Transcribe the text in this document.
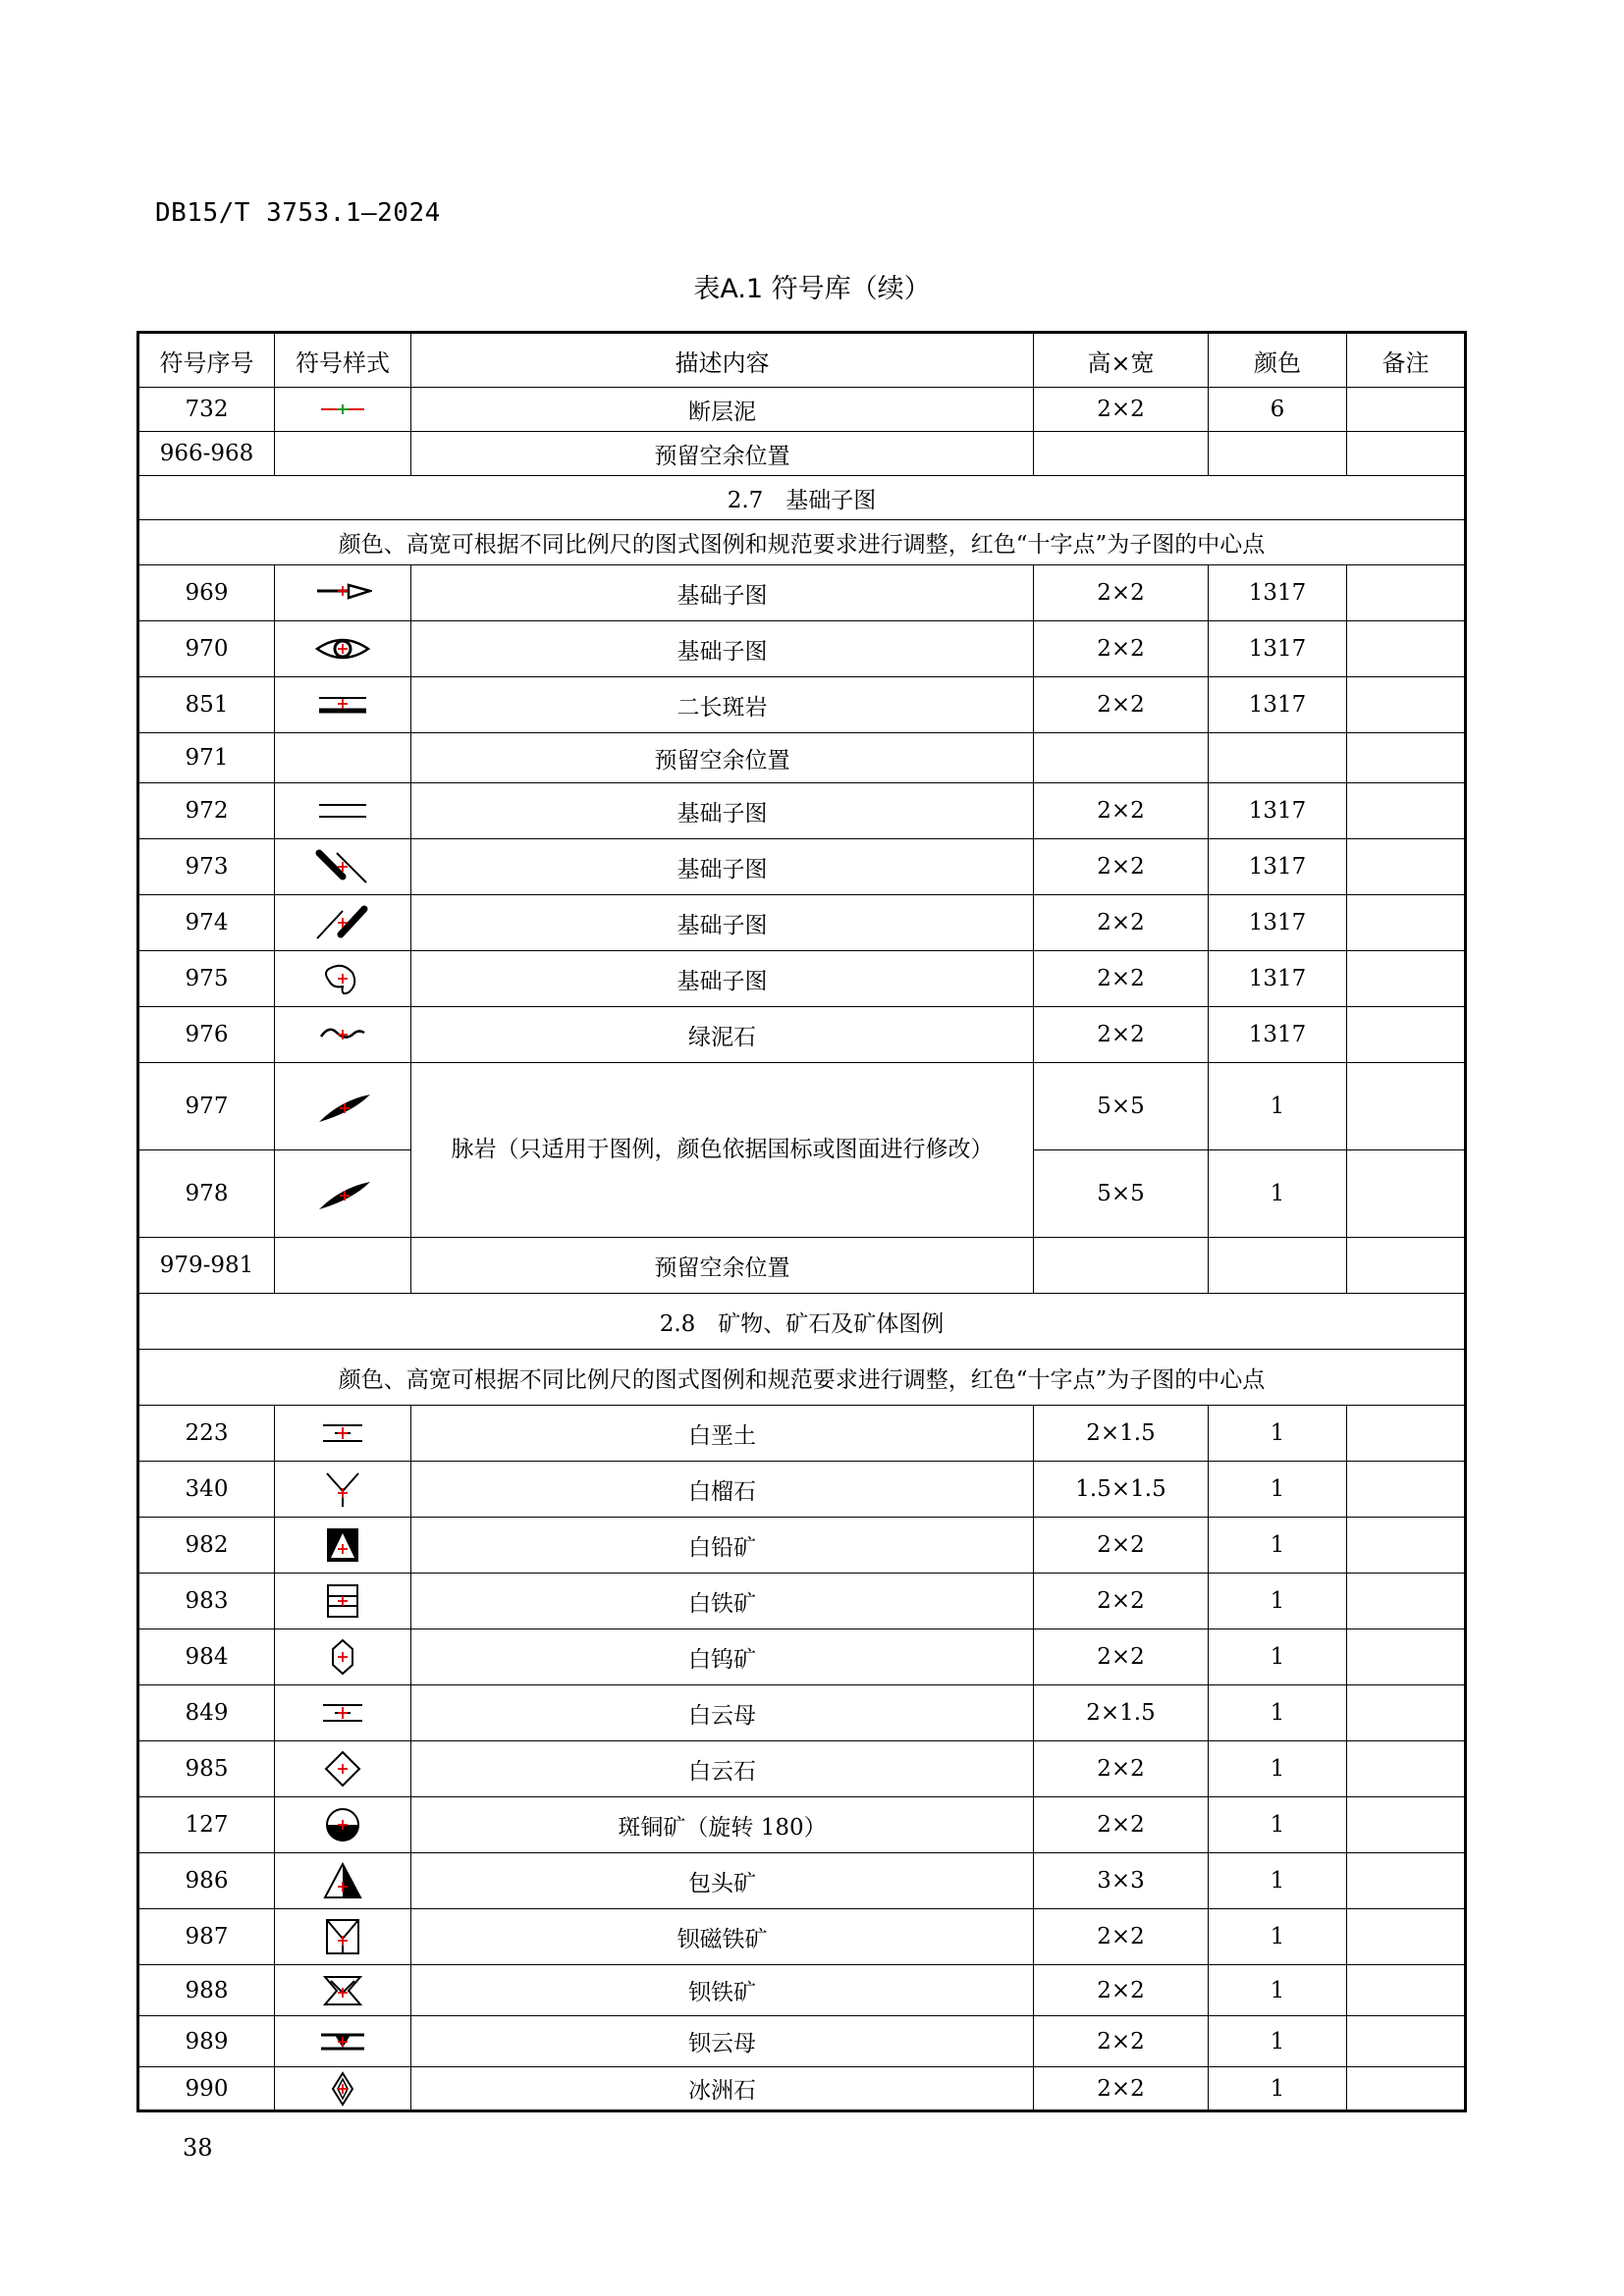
DB15/T 3753.1—2024
表A.1 符号库（续）
符号序号	符号样式	描述内容	高×宽	颜色	备注
732		断层泥	2×2	6	
966-968		预留空余位置			
2.7　基础子图					
颜色、高宽可根据不同比例尺的图式图例和规范要求进行调整，红色“十字点”为子图的中心点					
969		基础子图	2×2	1317	
970		基础子图	2×2	1317	
851		二长斑岩	2×2	1317	
971		预留空余位置			
972		基础子图	2×2	1317	
973		基础子图	2×2	1317	
974		基础子图	2×2	1317	
975		基础子图	2×2	1317	
976		绿泥石	2×2	1317	
977		脉岩（只适用于图例，颜色依据国标或图面进行修改）	5×5	1	
978			5×5	1	
979-981		预留空余位置			
2.8　矿物、矿石及矿体图例					
颜色、高宽可根据不同比例尺的图式图例和规范要求进行调整，红色“十字点”为子图的中心点					
223		白垩土	2×1.5	1	
340		白榴石	1.5×1.5	1	
982		白铅矿	2×2	1	
983		白铁矿	2×2	1	
984		白钨矿	2×2	1	
849		白云母	2×1.5	1	
985		白云石	2×2	1	
127		斑铜矿（旋转 180）	2×2	1	
986		包头矿	3×3	1	
987		钡磁铁矿	2×2	1	
988		钡铁矿	2×2	1	
989		钡云母	2×2	1	
990		冰洲石	2×2	1	
38
